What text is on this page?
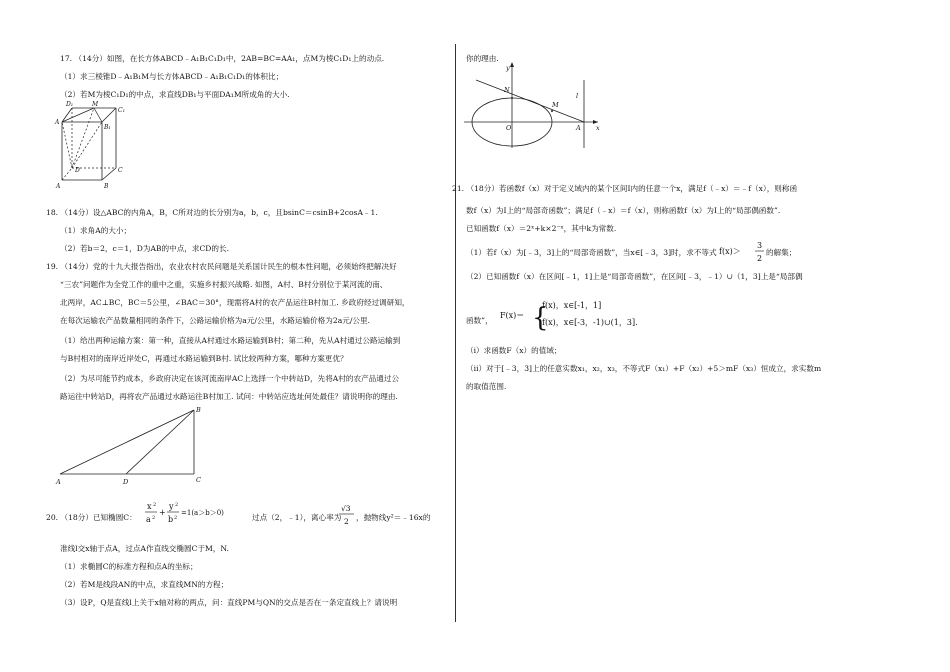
17. （14分）如图，在长方体ABCD﹣A₁B₁C₁D₁中，2AB=BC=AA₁，点M为棱C₁D₁上的动点.
（1）求三棱锥D﹣A₁B₁M与长方体ABCD﹣A₁B₁C₁D₁的体积比；
（2）若M为棱C₁D₁的中点，求直线DB₁与平面DA₁M所成角的大小.
D₁	M
C₁
A
B₁
D	C
A	B
18. （14分）设△ABC的内角A，B，C所对边的长分别为a，b，c，且bsinC＝csinB+2cosA﹣1.
（1）求角A的大小；
（2）若b＝2，c＝1，D为AB的中点，求CD的长.
19. （14分）党的十九大报告指出，农业农村农民问题是关系国计民生的根本性问题，必须始终把解决好
“三农”问题作为全党工作的重中之重，实施乡村振兴战略. 如图，A村、B村分别位于某河流的南、
北两岸，AC⊥BC，BC＝5公里，∠BAC＝30°，现需将A村的农产品运往B村加工. 乡政府经过调研知，
在每次运输农产品数量相同的条件下，公路运输价格为a元/公里，水路运输价格为2a元/公里.
（1）给出两种运输方案：第一种，直接从A村通过水路运输到B村；第二种，先从A村通过公路运输到
与B村相对的南岸近岸处C，再通过水路运输到B村. 试比较两种方案，哪种方案更优？
（2）为尽可能节约成本，乡政府决定在该河流南岸AC上选择一个中转站D，先将A村的农产品通过公
路运往中转站D，再将农产品通过水路运往B村加工. 试问：中转站应选址何处最佳？请说明你的理由.
B
A	D	C
20. （18分）已知椭圆C：
x 2
a 2
+
y 2
b 2
=1(a＞b＞0)	过点（2，﹣1），离心率为
√3
2 ，抛物线y²＝﹣16x的
准线l交x轴于点A，过点A作直线交椭圆C于M，N.
（1）求椭圆C的标准方程和点A的坐标；
（2）若M是线段AN的中点，求直线MN的方程；
（3）设P，Q是直线l上关于x轴对称的两点，问：直线PM与QN的交点是否在一条定直线上？请说明
你的理由.
y
N
M
l
O	A x
21. （18分）若函数f（x）对于定义域内的某个区间I内的任意一个x，满足f（﹣x）＝﹣f（x），则称函
数f（x）为I上的“局部奇函数”；满足f（﹣x）＝f（x），则称函数f（x）为I上的“局部偶函数”.
已知函数f（x）＝2ˣ+k×2⁻ˣ，其中k为常数.
（1）若f（x）为[﹣3，3]上的“局部奇函数”，当x∈[﹣3，3]时，求不等式 f(x)＞
3
2
的解集；
（2）已知函数f（x）在区间[﹣1，1]上是“局部奇函数”，在区间[﹣3，﹣1）∪（1，3]上是“局部偶
函数”，
F(x)＝ {
f(x)，x∈[-1，1]
f(x)，x∈[-3，-1)∪(1，3].
（ⅰ）求函数F（x）的值域；
（ⅱ）对于[﹣3，3]上的任意实数x₁，x₂，x₃，不等式F（x₁）+F（x₂）+5＞mF（x₃）恒成立，求实数m
的取值范围.
